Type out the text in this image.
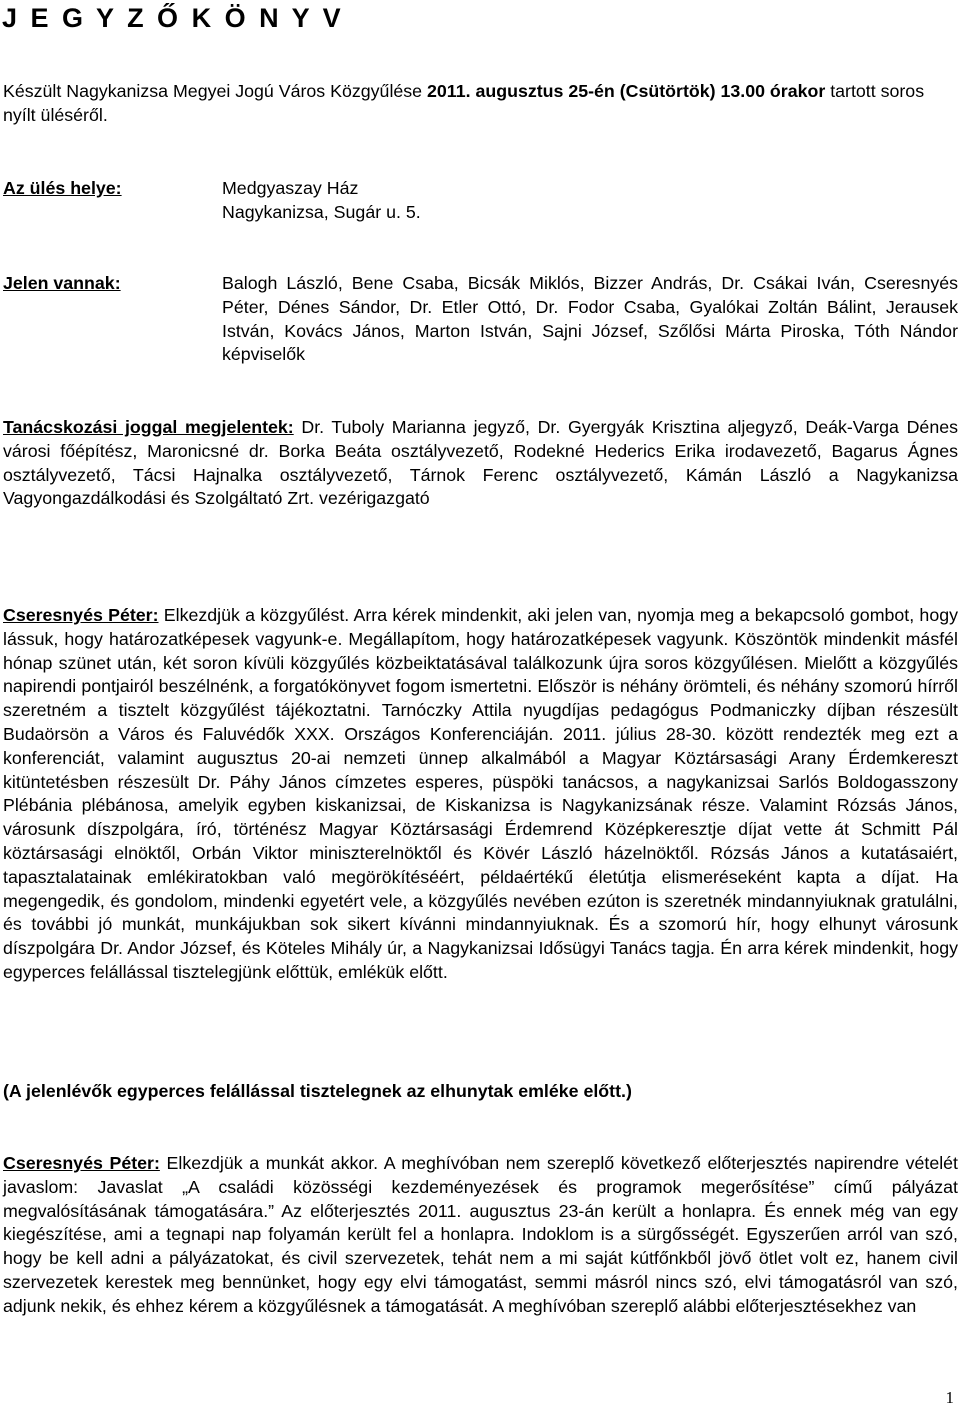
J E G Y Z Ő K Ö N Y V
Készült Nagykanizsa Megyei Jogú Város Közgyűlése 2011. augusztus 25-én (Csütörtök) 13.00 órakor tartott soros nyílt üléséről.
Az ülés helye:	Medgyaszay Ház
Nagykanizsa, Sugár u. 5.
Jelen vannak:	Balogh László, Bene Csaba, Bicsák Miklós, Bizzer András, Dr. Csákai Iván, Cseresnyés Péter, Dénes Sándor, Dr. Etler Ottó, Dr. Fodor Csaba, Gyalókai Zoltán Bálint, Jerausek István, Kovács János, Marton István, Sajni József, Szőlősi Márta Piroska, Tóth Nándor képviselők
Tanácskozási joggal megjelentek: Dr. Tuboly Marianna jegyző, Dr. Gyergyák Krisztina aljegyző, Deák-Varga Dénes városi főépítész, Maronicsné dr. Borka Beáta osztályvezető, Rodekné Hederics Erika irodavezető, Bagarus Ágnes osztályvezető, Tácsi Hajnalka osztályvezető, Tárnok Ferenc osztályvezető, Kámán László a Nagykanizsa Vagyongazdálkodási és Szolgáltató Zrt. vezérigazgató
Cseresnyés Péter: Elkezdjük a közgyűlést. Arra kérek mindenkit, aki jelen van, nyomja meg a bekapcsoló gombot, hogy lássuk, hogy határozatképesek vagyunk-e. Megállapítom, hogy határozatképesek vagyunk. Köszöntök mindenkit másfél hónap szünet után, két soron kívüli közgyűlés közbeiktatásával találkozunk újra soros közgyűlésen. Mielőtt a közgyűlés napirendi pontjairól beszélnénk, a forgatókönyvet fogom ismertetni. Először is néhány örömteli, és néhány szomorú hírről szeretném a tisztelt közgyűlést tájékoztatni. Tarnóczky Attila nyugdíjas pedagógus Podmaniczky díjban részesült Budaörsön a Város és Faluvédők XXX. Országos Konferenciáján. 2011. július 28-30. között rendezték meg ezt a konferenciát, valamint augusztus 20-ai nemzeti ünnep alkalmából a Magyar Köztársasági Arany Érdemkereszt kitüntetésben részesült Dr. Páhy János címzetes esperes, püspöki tanácsos, a nagykanizsai Sarlós Boldogasszony Plébánia plébánosa, amelyik egyben kiskanizsai, de Kiskanizsa is Nagykanizsának része. Valamint Rózsás János, városunk díszpolgára, író, történész Magyar Köztársasági Érdemrend Középkeresztje díjat vette át Schmitt Pál köztársasági elnöktől, Orbán Viktor miniszterelnöktől és Kövér László házelnöktől. Rózsás János a kutatásaiért, tapasztalatainak emlékiratokban való megörökítéséért, példaértékű életútja elismeréseként kapta a díjat. Ha megengedik, és gondolom, mindenki egyetért vele, a közgyűlés nevében ezúton is szeretnék mindannyiuknak gratulálni, és további jó munkát, munkájukban sok sikert kívánni mindannyiuknak. És a szomorú hír, hogy elhunyt városunk díszpolgára Dr. Andor József, és Köteles Mihály úr, a Nagykanizsai Idősügyi Tanács tagja. Én arra kérek mindenkit, hogy egyperces felállással tisztelegjünk előttük, emlékük előtt.
(A jelenlévők egyperces felállással tisztelegnek az elhunytak emléke előtt.)
Cseresnyés Péter: Elkezdjük a munkát akkor. A meghívóban nem szereplő következő előterjesztés napirendre vételét javaslom: Javaslat „A családi közösségi kezdeményezések és programok megerősítése” című pályázat megvalósításának támogatására.” Az előterjesztés 2011. augusztus 23-án került a honlapra. És ennek még van egy kiegészítése, ami a tegnapi nap folyamán került fel a honlapra. Indoklom is a sürgősségét. Egyszerűen arról van szó, hogy be kell adni a pályázatokat, és civil szervezetek, tehát nem a mi saját kútfőnkből jövő ötlet volt ez, hanem civil szervezetek kerestek meg bennünket, hogy egy elvi támogatást, semmi másról nincs szó, elvi támogatásról van szó, adjunk nekik, és ehhez kérem a közgyűlésnek a támogatását. A meghívóban szereplő alábbi előterjesztésekhez van
1
